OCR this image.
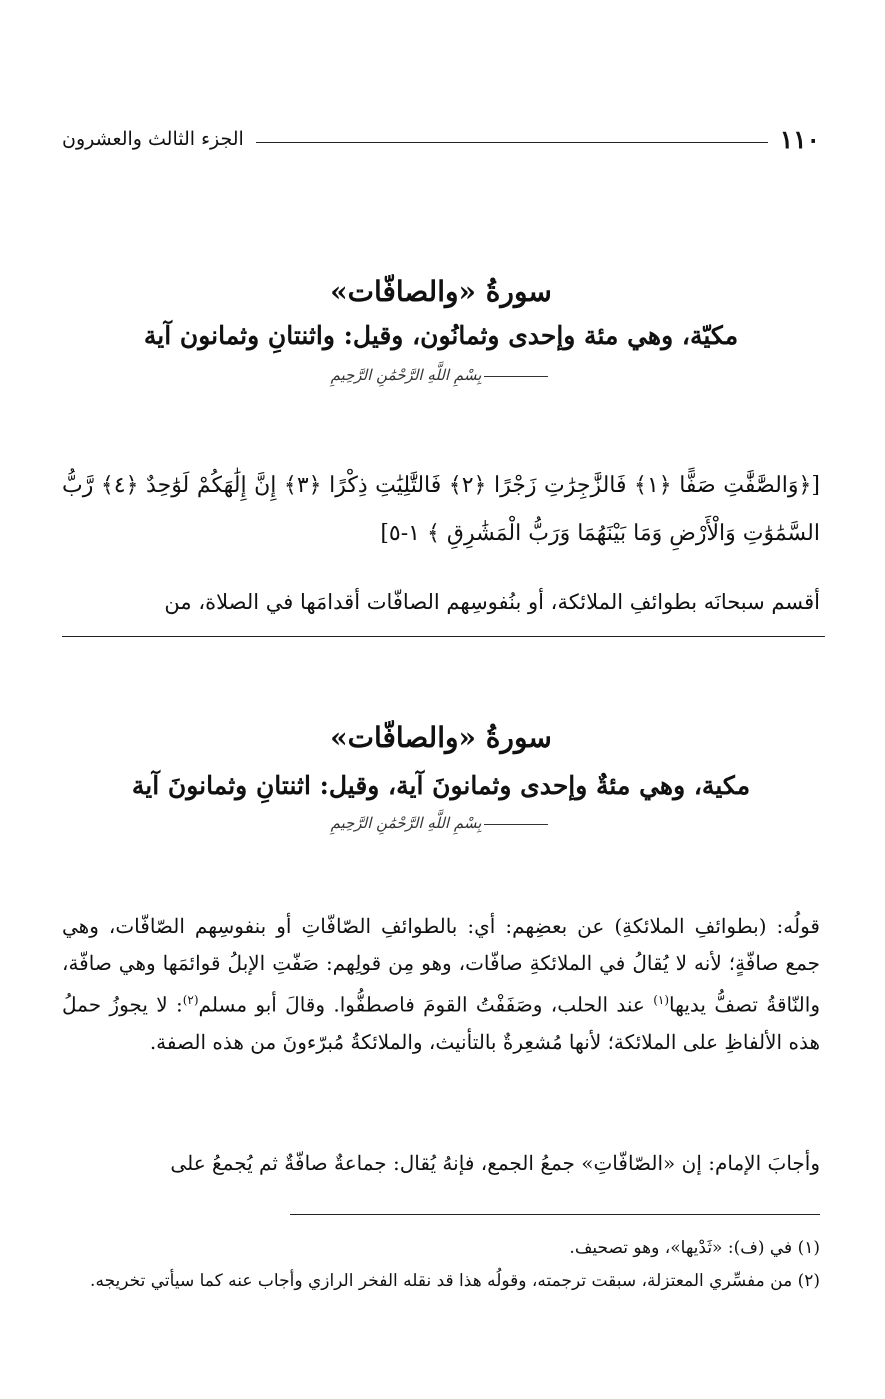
١١٠
الجزء الثالث والعشرون
سورةُ «والصافّات»
مكيّة، وهي مئة وإحدى وثمانُون، وقيل: واثنتانِ وثمانون آية
بِسْمِ اللَّهِ الرَّحْمَٰنِ الرَّحِيمِ
[﴿وَالصَّٰفَّٰتِ صَفًّا ﴿١﴾ فَالزَّٰجِرَٰتِ زَجْرًا ﴿٢﴾ فَالتَّٰلِيَٰتِ ذِكْرًا ﴿٣﴾ إِنَّ إِلَٰهَكُمْ لَوَٰحِدٌ ﴿٤﴾ رَّبُّ السَّمَٰوَٰتِ وَالْأَرْضِ وَمَا بَيْنَهُمَا وَرَبُّ الْمَشَٰرِقِ ﴾ ١-٥]
أقسم سبحانَه بطوائفِ الملائكة، أو بنُفوسِهم الصافّات أقدامَها في الصلاة، من
سورةُ «والصافّات»
مكية، وهي مئةٌ وإحدى وثمانونَ آية، وقيل: اثنتانِ وثمانونَ آية
بِسْمِ اللَّهِ الرَّحْمَٰنِ الرَّحِيمِ
قولُه: (بطوائفِ الملائكةِ) عن بعضِهم: أي: بالطوائفِ الصّافّاتِ أو بنفوسِهم الصّافّات، وهي جمع صافّةٍ؛ لأنه لا يُقالُ في الملائكةِ صافّات، وهو مِن قولِهم: صَفّتِ الإبلُ قوائمَها وهي صافّة، والنّاقةُ تصفُّ يديها$^{(١)}$ عند الحلب، وصَفَفْتُ القومَ فاصطفُّوا. وقالَ أبو مسلم$^{(٢)}$: لا يجوزُ حملُ هذه الألفاظِ على الملائكة؛ لأنها مُشعِرةٌ بالتأنيث، والملائكةُ مُبرّءونَ من هذه الصفة.
وأجابَ الإمام: إن «الصّافّاتِ» جمعُ الجمع، فإنهُ يُقال: جماعةٌ صافّةٌ ثم يُجمعُ على
(١) في (ف): «ثَدْيها»، وهو تصحيف.
(٢) من مفسِّري المعتزلة، سبقت ترجمته، وقولُه هذا قد نقله الفخر الرازي وأجاب عنه كما سيأتي تخريجه.
